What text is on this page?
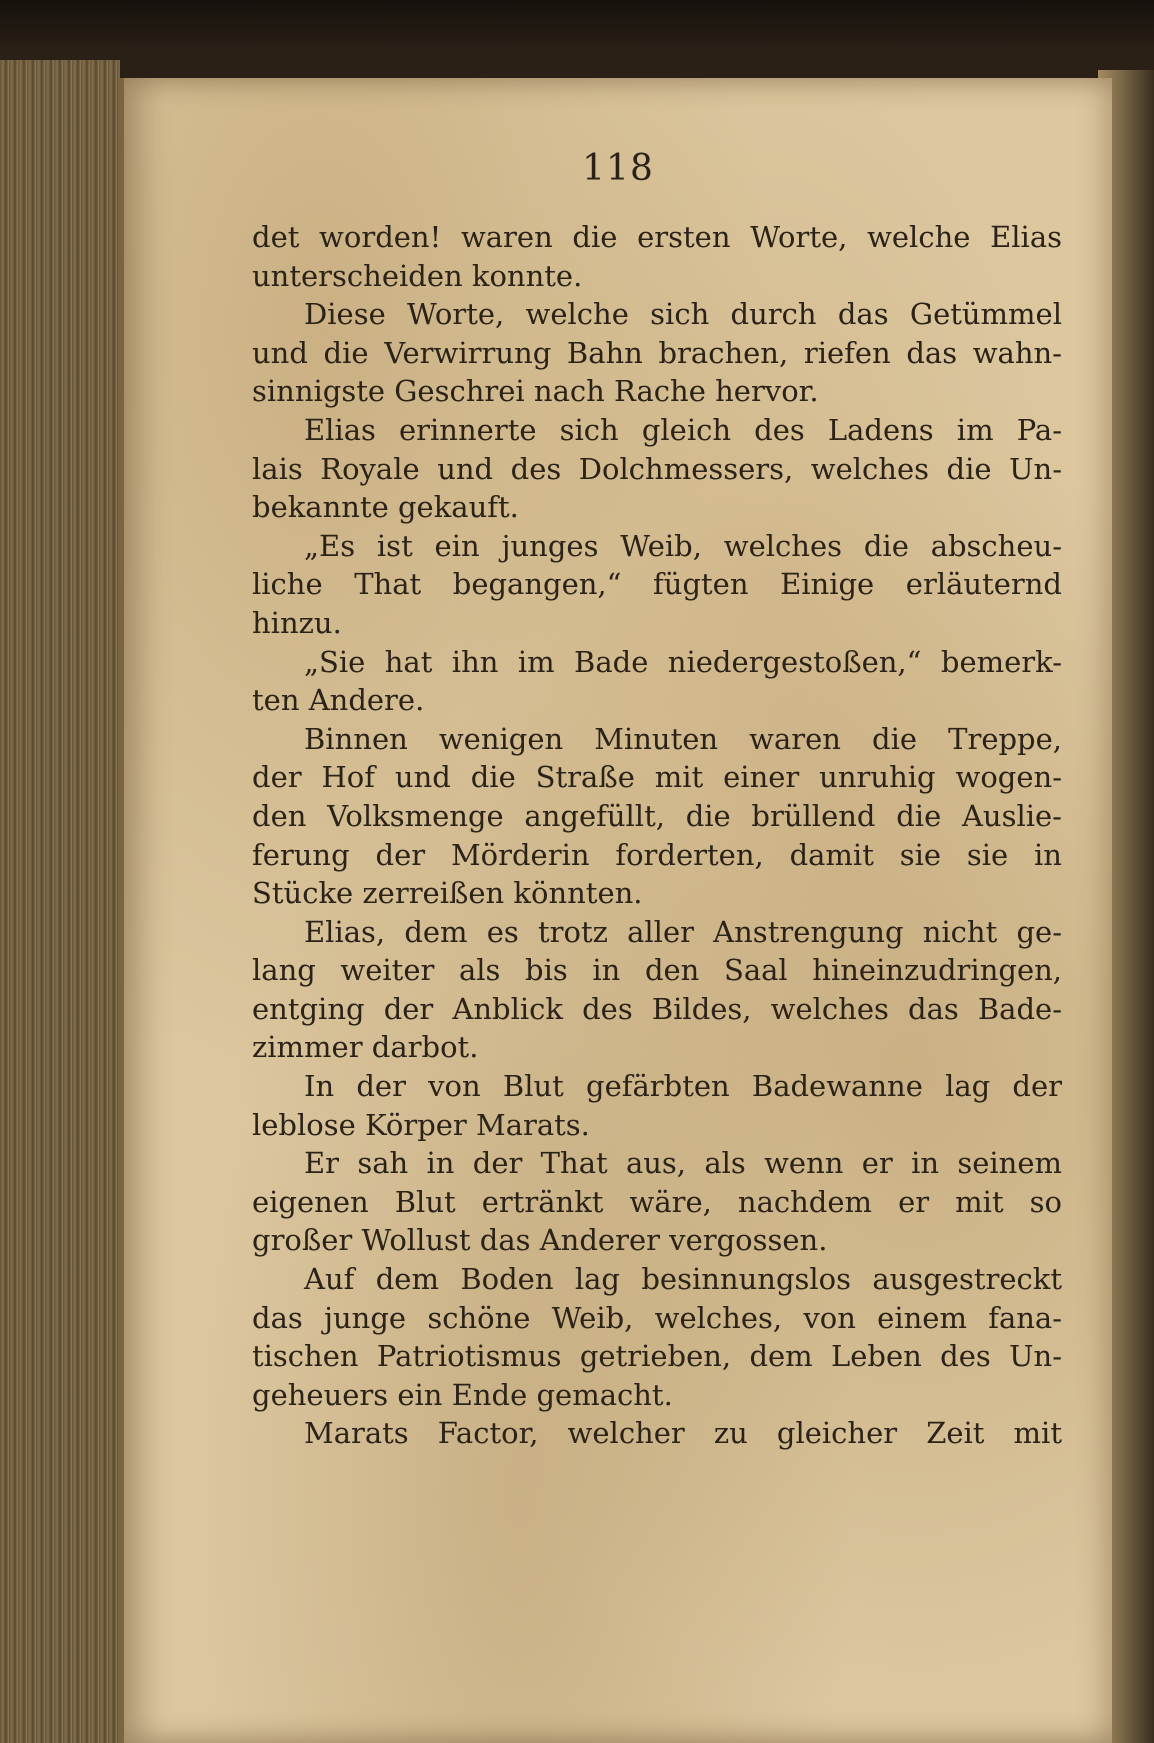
118
det worden! waren die ersten Worte, welche Elias
unterscheiden konnte.
Diese Worte, welche sich durch das Getümmel
und die Verwirrung Bahn brachen, riefen das wahn-
sinnigste Geschrei nach Rache hervor.
Elias erinnerte sich gleich des Ladens im Pa-
lais Royale und des Dolchmessers, welches die Un-
bekannte gekauft.
„Es ist ein junges Weib, welches die abscheu-
liche That begangen,“ fügten Einige erläuternd
hinzu.
„Sie hat ihn im Bade niedergestoßen,“ bemerk-
ten Andere.
Binnen wenigen Minuten waren die Treppe,
der Hof und die Straße mit einer unruhig wogen-
den Volksmenge angefüllt, die brüllend die Auslie-
ferung der Mörderin forderten, damit sie sie in
Stücke zerreißen könnten.
Elias, dem es trotz aller Anstrengung nicht ge-
lang weiter als bis in den Saal hineinzudringen,
entging der Anblick des Bildes, welches das Bade-
zimmer darbot.
In der von Blut gefärbten Badewanne lag der
leblose Körper Marats.
Er sah in der That aus, als wenn er in seinem
eigenen Blut ertränkt wäre, nachdem er mit so
großer Wollust das Anderer vergossen.
Auf dem Boden lag besinnungslos ausgestreckt
das junge schöne Weib, welches, von einem fana-
tischen Patriotismus getrieben, dem Leben des Un-
geheuers ein Ende gemacht.
Marats Factor, welcher zu gleicher Zeit mit
